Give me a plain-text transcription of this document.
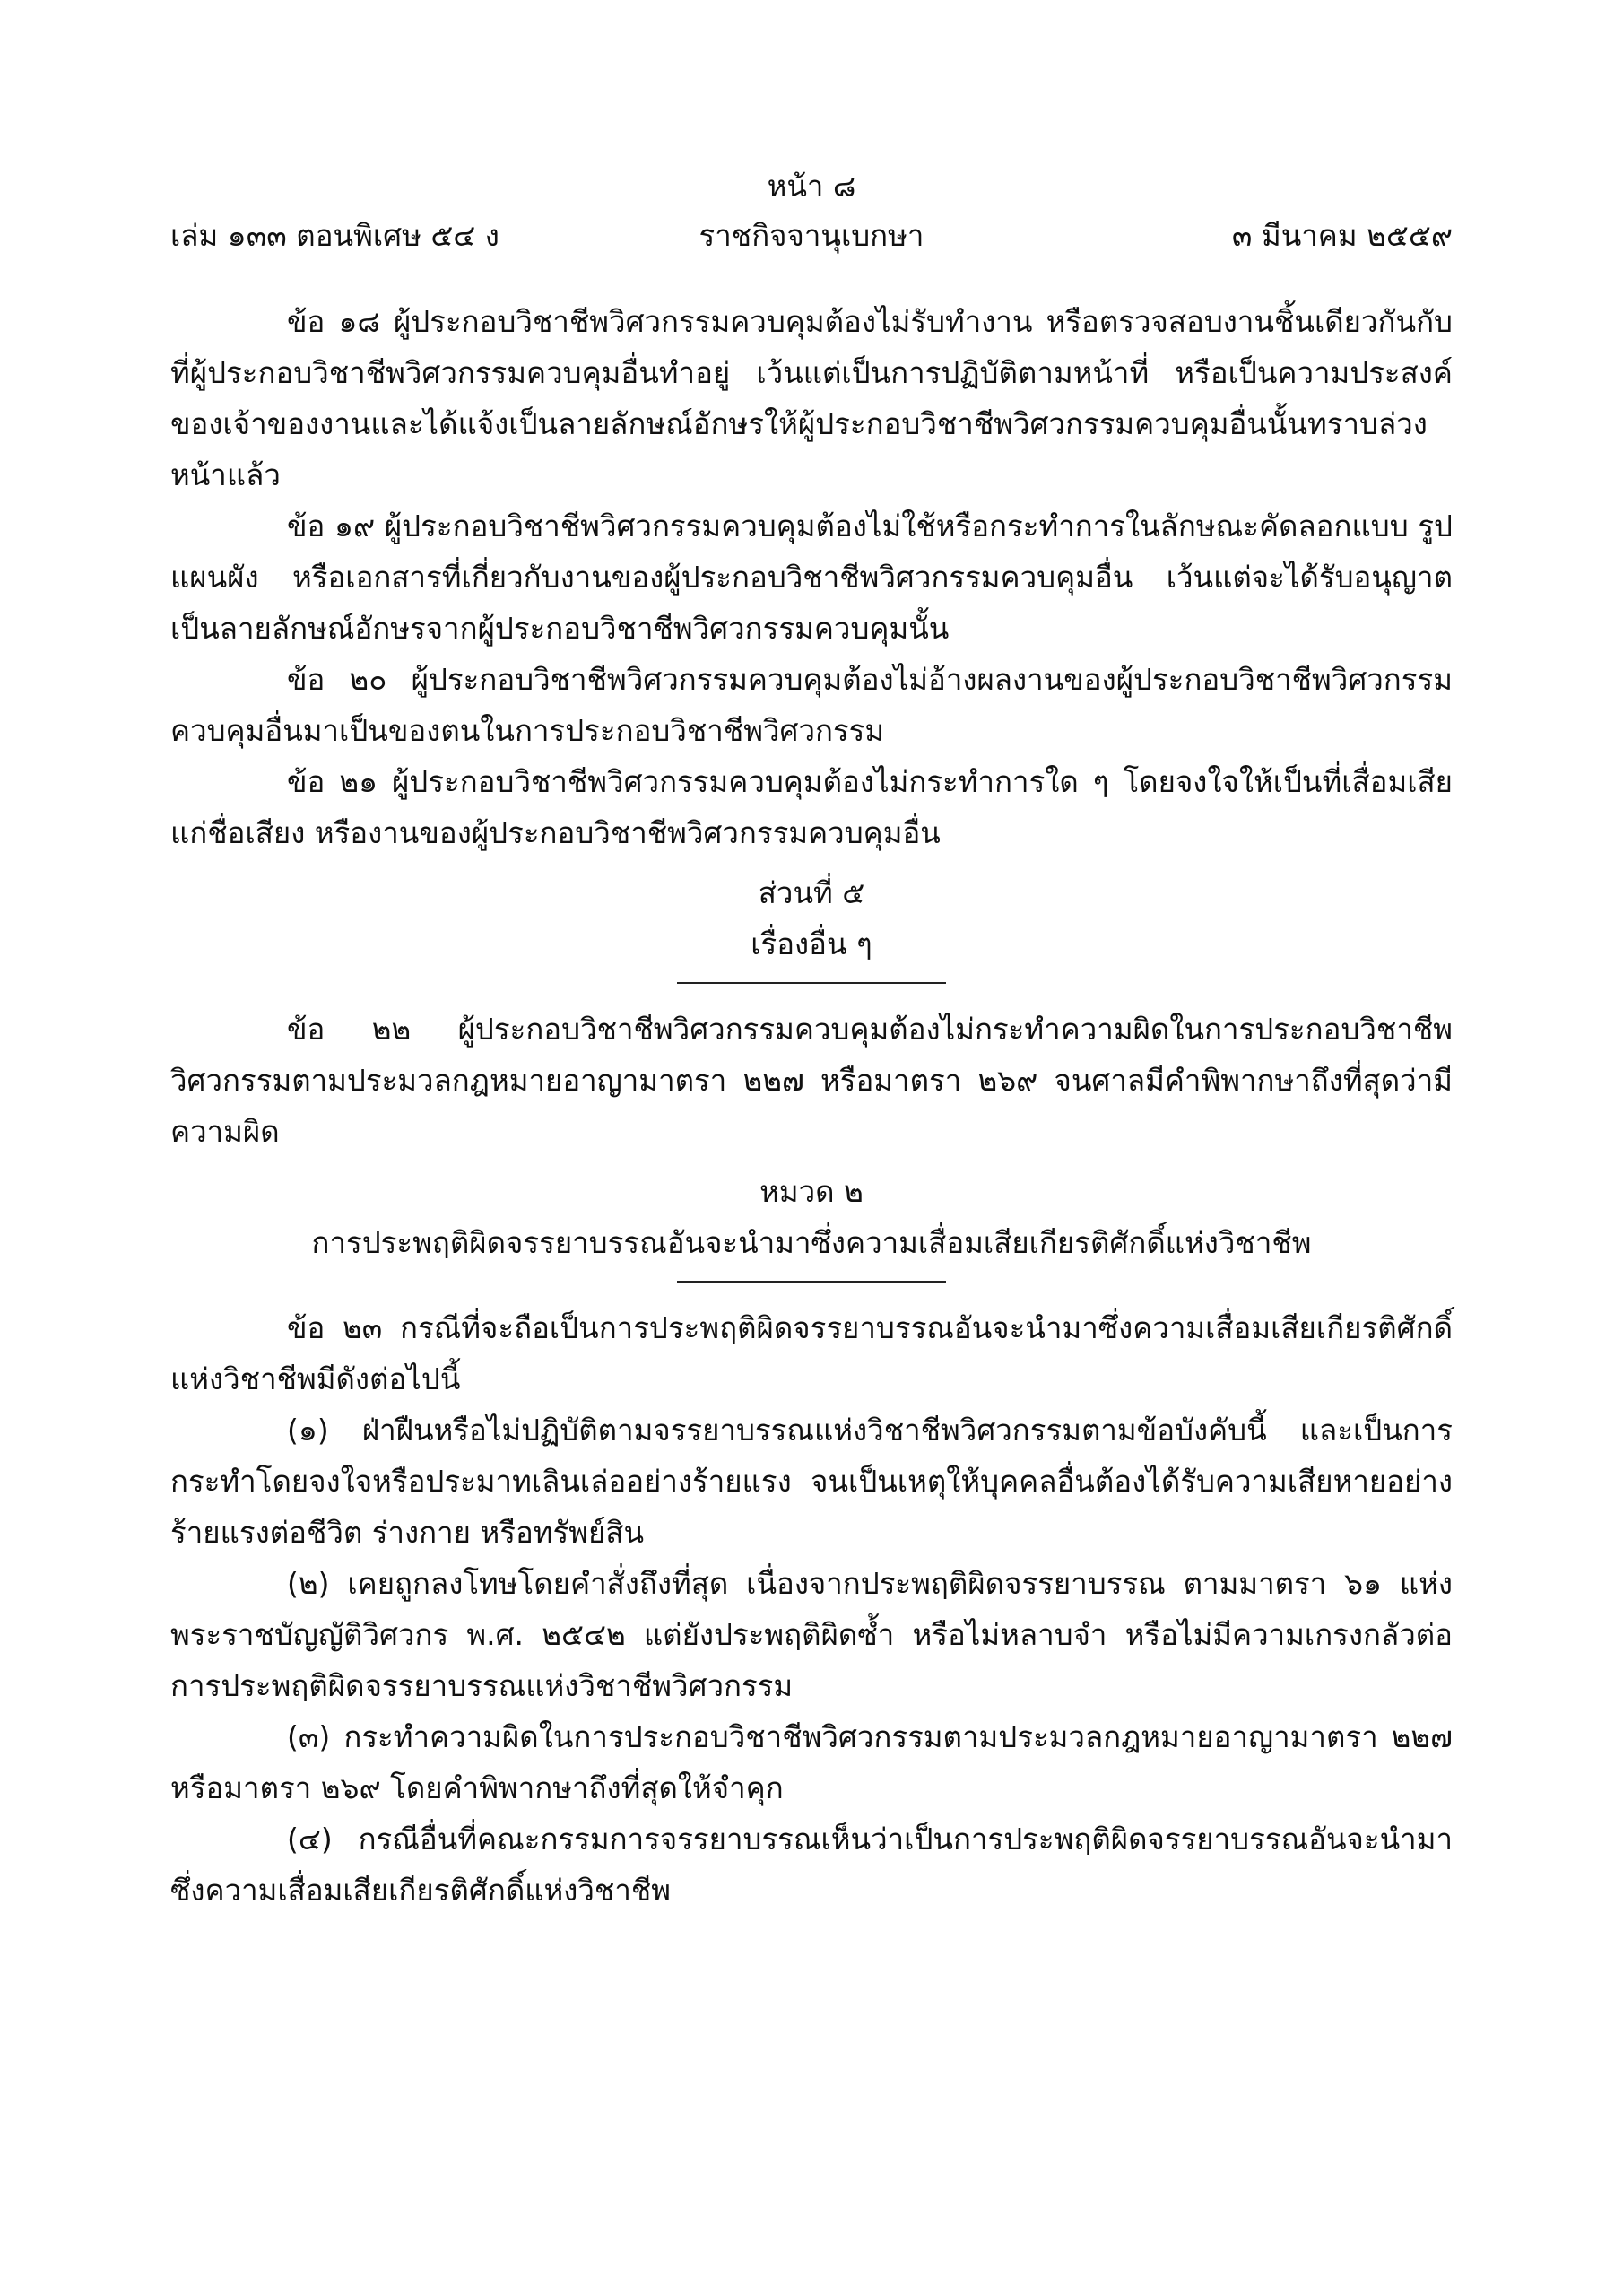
หน้า ๘
เล่ม ๑๓๓ ตอนพิเศษ ๕๔ ง	ราชกิจจานุเบกษา	๓ มีนาคม ๒๕๕๙

ข้อ ๑๘ ผู้ประกอบวิชาชีพวิศวกรรมควบคุมต้องไม่รับทำงาน หรือตรวจสอบงานชิ้นเดียวกันกับที่ผู้ประกอบวิชาชีพวิศวกรรมควบคุมอื่นทำอยู่ เว้นแต่เป็นการปฏิบัติตามหน้าที่ หรือเป็นความประสงค์ของเจ้าของงานและได้แจ้งเป็นลายลักษณ์อักษรให้ผู้ประกอบวิชาชีพวิศวกรรมควบคุมอื่นนั้นทราบล่วงหน้าแล้ว

ข้อ ๑๙ ผู้ประกอบวิชาชีพวิศวกรรมควบคุมต้องไม่ใช้หรือกระทำการในลักษณะคัดลอกแบบ รูป แผนผัง หรือเอกสารที่เกี่ยวกับงานของผู้ประกอบวิชาชีพวิศวกรรมควบคุมอื่น เว้นแต่จะได้รับอนุญาตเป็นลายลักษณ์อักษรจากผู้ประกอบวิชาชีพวิศวกรรมควบคุมนั้น

ข้อ ๒๐ ผู้ประกอบวิชาชีพวิศวกรรมควบคุมต้องไม่อ้างผลงานของผู้ประกอบวิชาชีพวิศวกรรมควบคุมอื่นมาเป็นของตนในการประกอบวิชาชีพวิศวกรรม

ข้อ ๒๑ ผู้ประกอบวิชาชีพวิศวกรรมควบคุมต้องไม่กระทำการใด ๆ โดยจงใจให้เป็นที่เสื่อมเสียแก่ชื่อเสียง หรืองานของผู้ประกอบวิชาชีพวิศวกรรมควบคุมอื่น

ส่วนที่ ๕

เรื่องอื่น ๆ

ข้อ ๒๒ ผู้ประกอบวิชาชีพวิศวกรรมควบคุมต้องไม่กระทำความผิดในการประกอบวิชาชีพวิศวกรรมตามประมวลกฎหมายอาญามาตรา ๒๒๗ หรือมาตรา ๒๖๙ จนศาลมีคำพิพากษาถึงที่สุดว่ามีความผิด

หมวด ๒

การประพฤติผิดจรรยาบรรณอันจะนำมาซึ่งความเสื่อมเสียเกียรติศักดิ์แห่งวิชาชีพ

ข้อ ๒๓ กรณีที่จะถือเป็นการประพฤติผิดจรรยาบรรณอันจะนำมาซึ่งความเสื่อมเสียเกียรติศักดิ์แห่งวิชาชีพมีดังต่อไปนี้

(๑) ฝ่าฝืนหรือไม่ปฏิบัติตามจรรยาบรรณแห่งวิชาชีพวิศวกรรมตามข้อบังคับนี้ และเป็นการกระทำโดยจงใจหรือประมาทเลินเล่ออย่างร้ายแรง จนเป็นเหตุให้บุคคลอื่นต้องได้รับความเสียหายอย่างร้ายแรงต่อชีวิต ร่างกาย หรือทรัพย์สิน

(๒) เคยถูกลงโทษโดยคำสั่งถึงที่สุด เนื่องจากประพฤติผิดจรรยาบรรณ ตามมาตรา ๖๑ แห่งพระราชบัญญัติวิศวกร พ.ศ. ๒๕๔๒ แต่ยังประพฤติผิดซ้ำ หรือไม่หลาบจำ หรือไม่มีความเกรงกลัวต่อการประพฤติผิดจรรยาบรรณแห่งวิชาชีพวิศวกรรม

(๓) กระทำความผิดในการประกอบวิชาชีพวิศวกรรมตามประมวลกฎหมายอาญามาตรา ๒๒๗ หรือมาตรา ๒๖๙ โดยคำพิพากษาถึงที่สุดให้จำคุก

(๔) กรณีอื่นที่คณะกรรมการจรรยาบรรณเห็นว่าเป็นการประพฤติผิดจรรยาบรรณอันจะนำมาซึ่งความเสื่อมเสียเกียรติศักดิ์แห่งวิชาชีพ
